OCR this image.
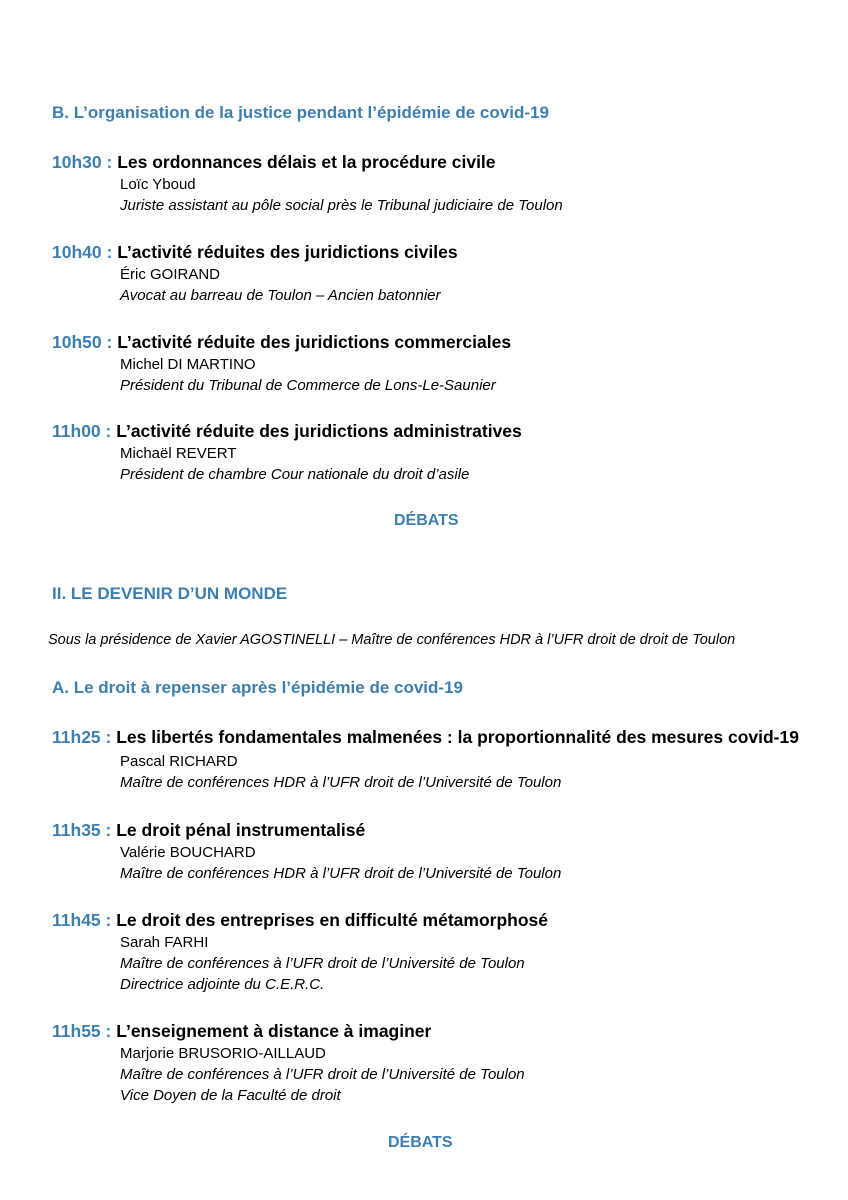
B. L’organisation de la justice pendant l’épidémie de covid-19
10h30 : Les ordonnances délais et la procédure civile
Loïc Yboud
Juriste assistant au pôle social près le Tribunal judiciaire de Toulon
10h40 : L’activité réduites des juridictions civiles
Éric GOIRAND
Avocat au barreau de Toulon – Ancien batonnier
10h50 : L’activité réduite des juridictions commerciales
Michel DI MARTINO
Président du Tribunal de Commerce de Lons-Le-Saunier
11h00 : L’activité réduite des juridictions administratives
Michaël REVERT
Président de chambre Cour nationale du droit d’asile
DÉBATS
II. LE DEVENIR D’UN MONDE
Sous la présidence de Xavier AGOSTINELLI – Maître de conférences HDR à l’UFR droit de droit de Toulon
A. Le droit à repenser après l’épidémie de covid-19
11h25 : Les libertés fondamentales malmenées : la proportionnalité des mesures covid-19
Pascal RICHARD
Maître de conférences HDR à l’UFR droit de l’Université de Toulon
11h35 : Le droit pénal instrumentalisé
Valérie BOUCHARD
Maître de conférences HDR à l’UFR droit de l’Université de Toulon
11h45 : Le droit des entreprises en difficulté métamorphosé
Sarah FARHI
Maître de conférences à l’UFR droit de l’Université de Toulon
Directrice adjointe du C.E.R.C.
11h55 : L’enseignement à distance à imaginer
Marjorie BRUSORIO-AILLAUD
Maître de conférences à l’UFR droit de l’Université de Toulon
Vice Doyen de la Faculté de droit
DÉBATS
